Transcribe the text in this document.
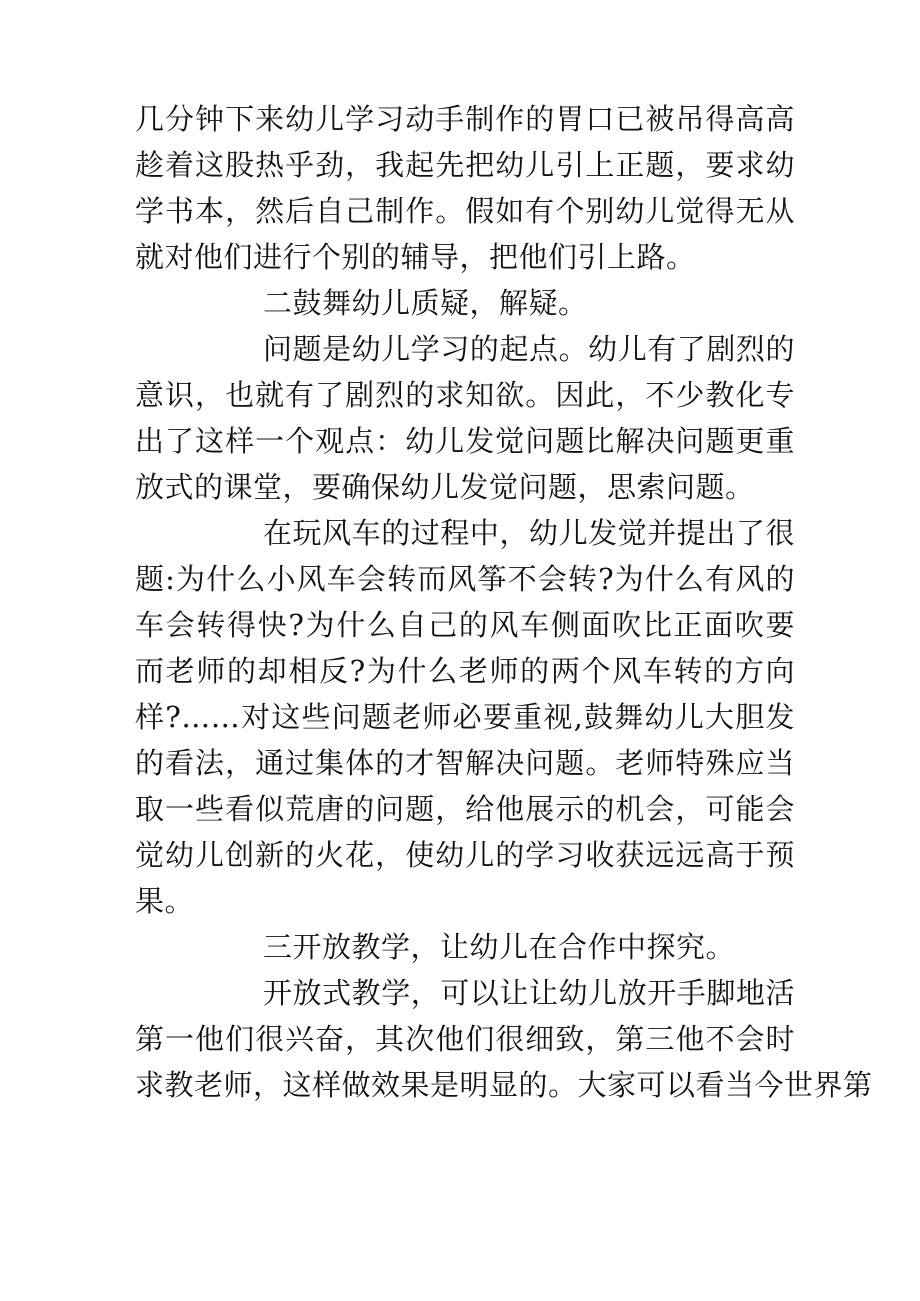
几分钟下来幼儿学习动手制作的胃口已被吊得高高
趁着这股热乎劲，我起先把幼儿引上正题，要求幼
学书本，然后自己制作。假如有个别幼儿觉得无从
就对他们进行个别的辅导，把他们引上路。
二鼓舞幼儿质疑，解疑。
问题是幼儿学习的起点。幼儿有了剧烈的
意识，也就有了剧烈的求知欲。因此，不少教化专
出了这样一个观点：幼儿发觉问题比解决问题更重
放式的课堂，要确保幼儿发觉问题，思索问题。
在玩风车的过程中，幼儿发觉并提出了很
题:为什么小风车会转而风筝不会转?为什么有风的
车会转得快?为什么自己的风车侧面吹比正面吹要
而老师的却相反?为什么老师的两个风车转的方向
样?……对这些问题老师必要重视,鼓舞幼儿大胆发
的看法，通过集体的才智解决问题。老师特殊应当
取一些看似荒唐的问题，给他展示的机会，可能会
觉幼儿创新的火花，使幼儿的学习收获远远高于预
果。
三开放教学，让幼儿在合作中探究。
开放式教学，可以让让幼儿放开手脚地活
第一他们很兴奋，其次他们很细致，第三他不会时
求教老师，这样做效果是明显的。大家可以看当今世界第
